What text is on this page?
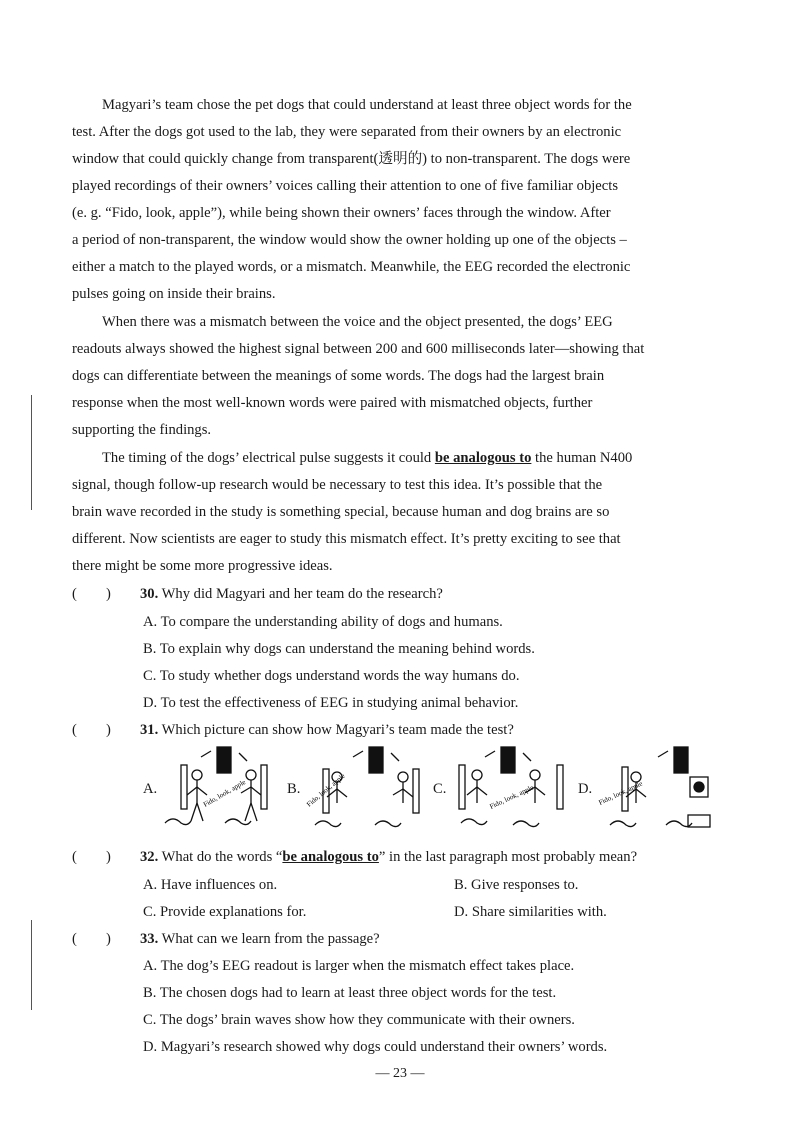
Magyari’s team chose the pet dogs that could understand at least three object words for the
test. After the dogs got used to the lab, they were separated from their owners by an electronic
window that could quickly change from transparent(透明的) to non-transparent. The dogs were
played recordings of their owners’ voices calling their attention to one of five familiar objects
(e. g. “Fido, look, apple”), while being shown their owners’ faces through the window. After
a period of non-transparent, the window would show the owner holding up one of the objects –
either a match to the played words, or a mismatch. Meanwhile, the EEG recorded the electronic
pulses going on inside their brains.
When there was a mismatch between the voice and the object presented, the dogs’ EEG
readouts always showed the highest signal between 200 and 600 milliseconds later—showing that
dogs can differentiate between the meanings of some words. The dogs had the largest brain
response when the most well-known words were paired with mismatched objects, further
supporting the findings.
The timing of the dogs’ electrical pulse suggests it could be analogous to the human N400
signal, though follow-up research would be necessary to test this idea. It’s possible that the
brain wave recorded in the study is something special, because human and dog brains are so
different. Now scientists are eager to study this mismatch effect. It’s pretty exciting to see that
there might be some more progressive ideas.
(　　) 30. Why did Magyari and her team do the research?
A. To compare the understanding ability of dogs and humans.
B. To explain why dogs can understand the meaning behind words.
C. To study whether dogs understand words the way humans do.
D. To test the effectiveness of EEG in studying animal behavior.
(　　) 31. Which picture can show how Magyari’s team made the test?
A.	Fido, look, apple	B. Fido, look, apple	C.	Fido, look, apple	D. Fido, look, apple
(　　) 32. What do the words “be analogous to” in the last paragraph most probably mean?
A. Have influences on.	B. Give responses to.
C. Provide explanations for.	D. Share similarities with.
(　　) 33. What can we learn from the passage?
A. The dog’s EEG readout is larger when the mismatch effect takes place.
B. The chosen dogs had to learn at least three object words for the test.
C. The dogs’ brain waves show how they communicate with their owners.
D. Magyari’s research showed why dogs could understand their owners’ words.
— 23 —
